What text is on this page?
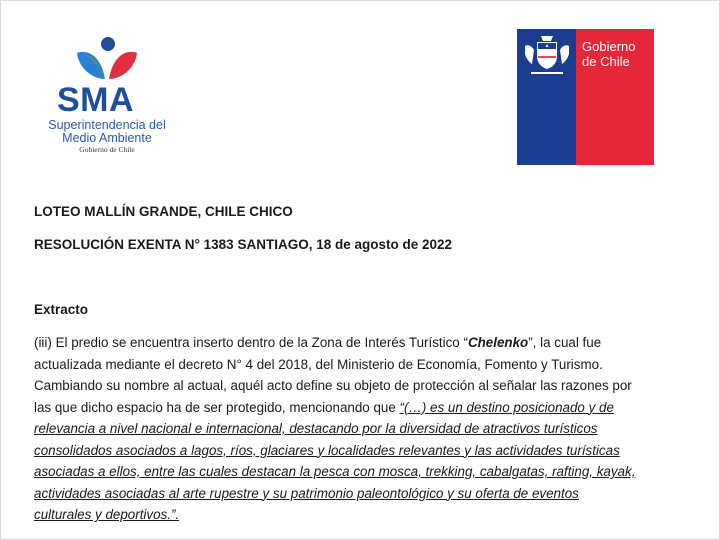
SMA
Superintendencia del
Medio Ambiente
Gobierno de Chile
Gobierno
de Chile
LOTEO MALLÍN GRANDE, CHILE CHICO
RESOLUCIÓN EXENTA N° 1383 SANTIAGO, 18 de agosto de 2022
Extracto
(iii) El predio se encuentra inserto dentro de la Zona de Interés Turístico “Chelenko”, la cual fue
actualizada mediante el decreto N° 4 del 2018, del Ministerio de Economía, Fomento y Turismo.
Cambiando su nombre al actual, aquél acto define su objeto de protección al señalar las razones por
las que dicho espacio ha de ser protegido, mencionando que “(…) es un destino posicionado y de
relevancia a nivel nacional e internacional, destacando por la diversidad de atractivos turísticos
consolidados asociados a lagos, ríos, glaciares y localidades relevantes y las actividades turísticas
asociadas a ellos, entre las cuales destacan la pesca con mosca, trekking, cabalgatas, rafting, kayak,
actividades asociadas al arte rupestre y su patrimonio paleontológico y su oferta de eventos
culturales y deportivos.”.
